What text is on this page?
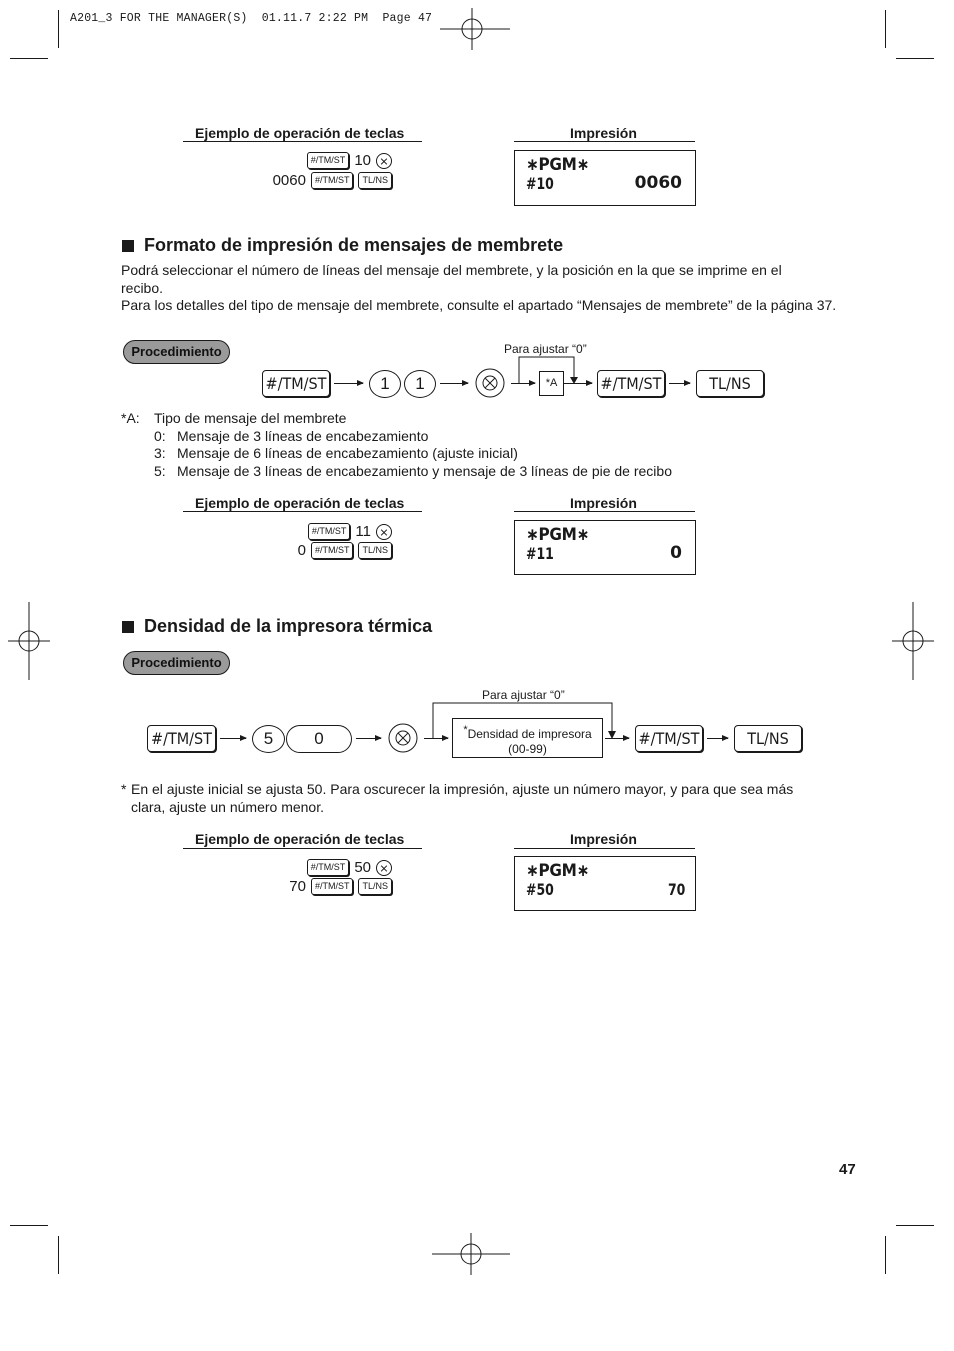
A201_3 FOR THE MANAGER(S)  01.11.7 2:22 PM  Page 47
Ejemplo de operación de teclas	Impresión
#/TM/ST 10
0060	#/TM/ST	TL/NS
∗PGM∗
#10	0060
Formato de impresión de mensajes de membrete
Podrá seleccionar el número de líneas del mensaje del membrete, y la posición en la que se imprime en el recibo.
Para los detalles del tipo de mensaje del membrete, consulte el apartado “Mensajes de membrete” de la página 37.
Procedimiento
#/TM/ST	1	1
Para ajustar “0”
*A	#/TM/ST	TL/NS
*A: Tipo de mensaje del membrete
0: Mensaje de 3 líneas de encabezamiento
3: Mensaje de 6 líneas de encabezamiento (ajuste inicial)
5: Mensaje de 3 líneas de encabezamiento y mensaje de 3 líneas de pie de recibo
Ejemplo de operación de teclas	Impresión
#/TM/ST 11
0	#/TM/ST	TL/NS
∗PGM∗
#11	0
Densidad de la impresora térmica
Procedimiento
#/TM/ST	5	0
Para ajustar “0”
*Densidad de impresora
(00-99)
#/TM/ST	TL/NS
* En el ajuste inicial se ajusta 50. Para oscurecer la impresión, ajuste un número mayor, y para que sea más clara, ajuste un número menor.
Ejemplo de operación de teclas	Impresión
#/TM/ST 50
70	#/TM/ST	TL/NS
∗PGM∗
#50	70
47
